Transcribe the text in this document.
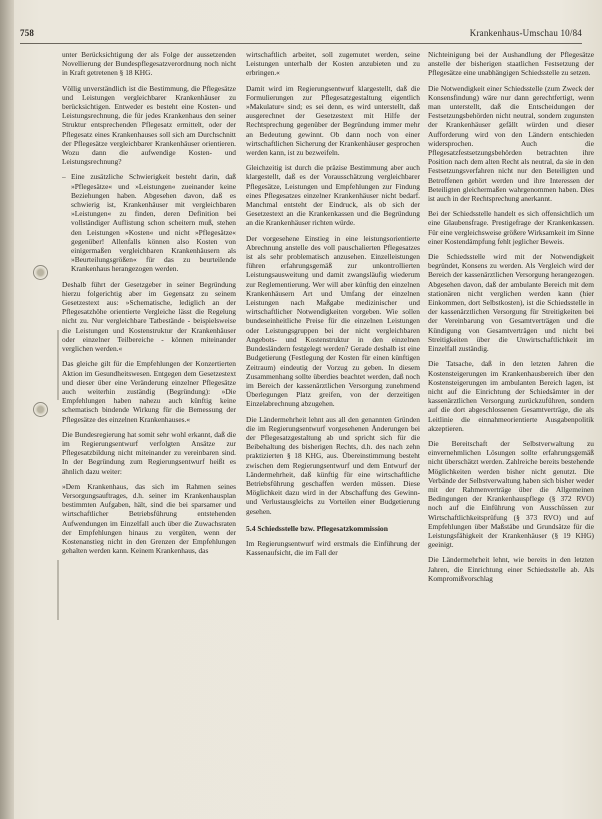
758	Krankenhaus-Umschau 10/84

unter Berücksichtigung der als Folge der aussetzenden Novellierung der Bundespflegesatzverordnung noch nicht in Kraft getretenen § 18 KHG.

Völlig unverständlich ist die Bestimmung, die Pflegesätze und Leistungen vergleichbarer Krankenhäuser zu berücksichtigen. Entweder es besteht eine Kosten- und Leistungsrechnung, die für jedes Krankenhaus den seiner Struktur entsprechenden Pflegesatz ermittelt, oder der Pflegesatz eines Krankenhauses soll sich am Durchschnitt der Pflegesätze vergleichbarer Krankenhäuser orientieren. Wozu dann die aufwendige Kosten- und Leistungsrechnung?

– Eine zusätzliche Schwierigkeit besteht darin, daß »Pflegesätze« und »Leistungen« zueinander keine Beziehungen haben. Abgesehen davon, daß es schwierig ist, Krankenhäuser mit vergleichbaren »Leistungen« zu finden, deren Definition bei vollständiger Auflistung schon scheitern muß, stehen den Leistungen »Kosten« und nicht »Pflegesätze« gegenüber! Allenfalls können also Kosten von einigermaßen vergleichbaren Krankenhäusern als »Beurteilungsgrößen« für das zu beurteilende Krankenhaus herangezogen werden.

Deshalb führt der Gesetzgeber in seiner Begründung hierzu folgerichtig aber im Gegensatz zu seinem Gesetzestext aus: »Schematische, lediglich an der Pflegesatzhöhe orientierte Vergleiche lässt die Regelung nicht zu. Nur vergleichbare Tatbestände - beispielsweise die Leistungen und Kostenstruktur der Krankenhäuser oder einzelner Teilbereiche - können miteinander verglichen werden.«

Das gleiche gilt für die Empfehlungen der Konzertierten Aktion im Gesundheitswesen. Entgegen dem Gesetzestext und dieser über eine Veränderung einzelner Pflegesätze auch weiterhin zuständig (Begründung): »Die Empfehlungen haben nahezu auch künftig keine schematisch bindende Wirkung für die Bemessung der Pflegesätze des einzelnen Krankenhauses.«

Die Bundesregierung hat somit sehr wohl erkannt, daß die im Regierungsentwurf verfolgten Ansätze zur Pflegesatzbildung nicht miteinander zu vereinbaren sind. In der Begründung zum Regierungsentwurf heißt es ähnlich dazu weiter:

»Dem Krankenhaus, das sich im Rahmen seines Versorgungsauftrages, d.h. seiner im Krankenhausplan bestimmten Aufgaben, hält, sind die bei sparsamer und wirtschaftlicher Betriebsführung entstehenden Aufwendungen im Einzelfall auch über die Zuwachsraten der Empfehlungen hinaus zu vergüten, wenn der Kostenanstieg nicht in den Grenzen der Empfehlungen gehalten werden kann. Keinem Krankenhaus, das

wirtschaftlich arbeitet, soll zugemutet werden, seine Leistungen unterhalb der Kosten anzubieten und zu erbringen.«

Damit wird im Regierungsentwurf klargestellt, daß die Formulierungen zur Pflegesatzgestaltung eigentlich »Makulatur« sind; es sei denn, es wird unterstellt, daß ausgerechnet der Gesetzestext mit Hilfe der Rechtsprechung gegenüber der Begründung immer mehr an Bedeutung gewinnt. Ob dann noch von einer wirtschaftlichen Sicherung der Krankenhäuser gesprochen werden kann, ist zu bezweifeln.

Gleichzeitig ist durch die präzise Bestimmung aber auch klargestellt, daß es der Vorausschätzung vergleichbarer Pflegesätze, Leistungen und Empfehlungen zur Findung eines Pflegesatzes einzelner Krankenhäuser nicht bedarf. Manchmal entsteht der Eindruck, als ob sich der Gesetzestext an die Krankenkassen und die Begründung an die Krankenhäuser richten würde.

Der vorgesehene Einstieg in eine leistungsorientierte Abrechnung anstelle des voll pauschalierten Pflegesatzes ist als sehr problematisch anzusehen. Einzelleistungen führen erfahrungsgemäß zur unkontrollierten Leistungsausweitung und damit zwangsläufig wiederum zur Reglementierung. Wer will aber künftig den einzelnen Krankenhäusern Art und Umfang der einzelnen Leistungen nach Maßgabe medizinischer und wirtschaftlicher Notwendigkeiten vorgeben. Wie sollen bundeseinheitliche Preise für die einzelnen Leistungen oder Leistungsgruppen bei der nicht vergleichbaren Angebots- und Kostenstruktur in den einzelnen Bundesländern festgelegt werden? Gerade deshalb ist eine Budgetierung (Festlegung der Kosten für einen künftigen Zeitraum) eindeutig der Vorzug zu geben. In diesem Zusammenhang sollte überdies beachtet werden, daß noch im Bereich der kassenärztlichen Versorgung zunehmend Überlegungen Platz greifen, von der derzeitigen Einzelabrechnung abzugehen.

Die Ländermehrheit lehnt aus all den genannten Gründen die im Regierungsentwurf vorgesehenen Änderungen bei der Pflegesatzgestaltung ab und spricht sich für die Beibehaltung des bisherigen Rechts, d.h. des nach zehn praktizierten § 18 KHG, aus. Übereinstimmung besteht zwischen dem Regierungsentwurf und dem Entwurf der Ländermehrheit, daß künftig für eine wirtschaftliche Betriebsführung geschaffen werden müssen. Diese Möglichkeit dazu wird in der Abschaffung des Gewinn- und Verlustausgleichs zu Vorteilen einer Budgetierung gesehen.

5.4 Schiedsstelle bzw. Pflegesatzkommission

Im Regierungsentwurf wird erstmals die Einführung der Kassenaufsicht, die im Fall der

Nichteinigung bei der Aushandlung der Pflegesätze anstelle der bisherigen staatlichen Festsetzung der Pflegesätze eine unabhängigen Schiedsstelle zu setzen.

Die Notwendigkeit einer Schiedsstelle (zum Zweck der Konsensfindung) wäre nur dann gerechtfertigt, wenn man unterstellt, daß die Entscheidungen der Festsetzungsbehörden nicht neutral, sondern zugunsten der Krankenhäuser gefällt würden und dieser Aufforderung wird von den Ländern entschieden widersprochen. Auch die Pflegesatzfestsetzungsbehörden betrachten ihre Position nach dem alten Recht als neutral, da sie in den Festsetzungsverfahren nicht nur den Beteiligten und Betroffenen gehört werden und ihre Interessen der Beteiligten gleichermaßen wahrgenommen haben. Dies ist auch in der Rechtsprechung anerkannt.

Bei der Schiedsstelle handelt es sich offensichtlich um eine Glaubensfrage. Prestigefrage der Krankenkassen. Für eine vergleichsweise größere Wirksamkeit im Sinne einer Kostendämpfung fehlt jeglicher Beweis.

Die Schiedsstelle wird mit der Notwendigkeit begründet, Konsens zu werden. Als Vergleich wird der Bereich der kassenärztlichen Versorgung herangezogen. Abgesehen davon, daß der ambulante Bereich mit dem stationären nicht verglichen werden kann (hier Einkommen, dort Selbstkosten), ist die Schiedsstelle in der kassenärztlichen Versorgung für Streitigkeiten bei der Vereinbarung von Gesamtverträgen und die Kündigung von Gesamtverträgen und nicht bei Streitigkeiten über die Unwirtschaftlichkeit im Einzelfall zuständig.

Die Tatsache, daß in den letzten Jahren die Kostensteigerungen im Krankenhausbereich über den Kostensteigerungen im ambulanten Bereich lagen, ist nicht auf die Einrichtung der Schiedsämter in der kassenärztlichen Versorgung zurückzuführen, sondern auf die dort abgeschlossenen Gesamtverträge, die als Leitlinie die einnahmeorientierte Ausgabenpolitik akzeptieren.

Die Bereitschaft der Selbstverwaltung zu einvernehmlichen Lösungen sollte erfahrungsgemäß nicht überschätzt werden. Zahlreiche bereits bestehende Möglichkeiten werden bisher nicht genutzt. Die Verbände der Selbstverwaltung haben sich bisher weder mit der Rahmenverträge über die Allgemeinen Bedingungen der Krankenhauspflege (§ 372 RVO) noch auf die Einführung von Ausschüssen zur Wirtschaftlichkeitsprüfung (§ 373 RVO) und auf Empfehlungen über Maßstäbe und Grundsätze für die Leistungsfähigkeit der Krankenhäuser (§ 19 KHG) geeinigt.

Die Ländermehrheit lehnt, wie bereits in den letzten Jahren, die Einrichtung einer Schiedsstelle ab. Als Kompromißvorschlag
